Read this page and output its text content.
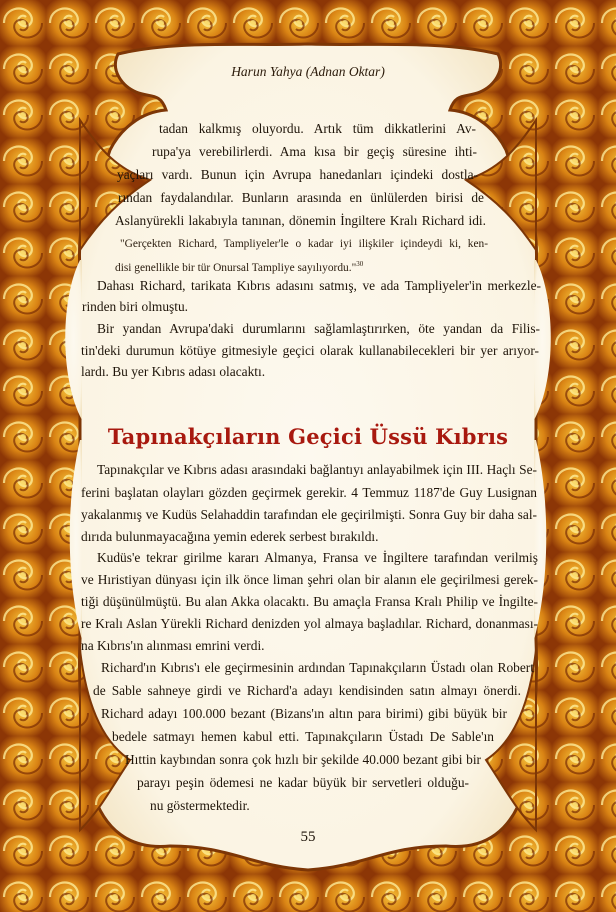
Harun Yahya (Adnan Oktar)
tadan kalkmış oluyordu. Artık tüm dikkatlerini Av-
rupa'ya verebilirlerdi. Ama kısa bir geçiş süresine ihti-
yaçları vardı. Bunun için Avrupa hanedanları içindeki dostla-
rından faydalandılar. Bunların arasında en ünlülerden birisi de
Aslanyürekli lakabıyla tanınan, dönemin İngiltere Kralı Richard idi.
"Gerçekten Richard, Tampliyeler'le o kadar iyi ilişkiler içindeydi ki, ken-
disi genellikle bir tür Onursal Tampliye sayılıyordu."$^{30}$
Dahası Richard, tarikata Kıbrıs adasını satmış, ve ada Tampliyeler'in merkezle-
rinden biri olmuştu.
Bir yandan Avrupa'daki durumlarını sağlamlaştırırken, öte yandan da Filis-
tin'deki durumun kötüye gitmesiyle geçici olarak kullanabilecekleri bir yer arıyor-
lardı. Bu yer Kıbrıs adası olacaktı.
Tapınakçıların Geçici Üssü Kıbrıs
Tapınakçılar ve Kıbrıs adası arasındaki bağlantıyı anlayabilmek için III. Haçlı Se-
ferini başlatan olayları gözden geçirmek gerekir. 4 Temmuz 1187'de Guy Lusignan
yakalanmış ve Kudüs Selahaddin tarafından ele geçirilmişti. Sonra Guy bir daha sal-
dırıda bulunmayacağına yemin ederek serbest bırakıldı.
Kudüs'e tekrar girilme kararı Almanya, Fransa ve İngiltere tarafından verilmiş
ve Hıristiyan dünyası için ilk önce liman şehri olan bir alanın ele geçirilmesi gerek-
tiği düşünülmüştü. Bu alan Akka olacaktı. Bu amaçla Fransa Kralı Philip ve İngilte-
re Kralı Aslan Yürekli Richard denizden yol almaya başladılar. Richard, donanması-
na Kıbrıs'ın alınması emrini verdi.
Richard'ın Kıbrıs'ı ele geçirmesinin ardından Tapınakçıların Üstadı olan Robert
de Sable sahneye girdi ve Richard'a adayı kendisinden satın almayı önerdi.
Richard adayı 100.000 bezant (Bizans'ın altın para birimi) gibi büyük bir
bedele satmayı hemen kabul etti. Tapınakçıların Üstadı De Sable'ın
Hıttin kaybından sonra çok hızlı bir şekilde 40.000 bezant gibi bir
parayı peşin ödemesi ne kadar büyük bir servetleri olduğu-
nu göstermektedir.
55
